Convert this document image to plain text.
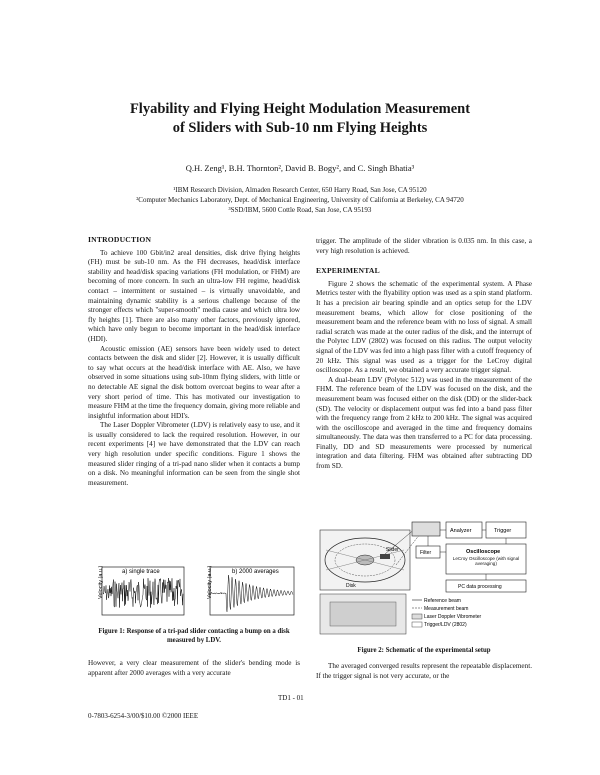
Flyability and Flying Height Modulation Measurement
of Sliders with Sub-10 nm Flying Heights
Q.H. Zeng¹, B.H. Thornton², David B. Bogy², and C. Singh Bhatia³
¹IBM Research Division, Almaden Research Center, 650 Harry Road, San Jose, CA 95120
²Computer Mechanics Laboratory, Dept. of Mechanical Engineering, University of California at Berkeley, CA 94720
³SSD/IBM, 5600 Cottle Road, San Jose, CA 95193
INTRODUCTION

To achieve 100 Gbit/in2 areal densities, disk drive flying heights (FH) must be sub-10 nm. As the FH decreases, head/disk interface stability and head/disk spacing variations (FH modulation, or FHM) are becoming of more concern. In such an ultra-low FH regime, head/disk contact – intermittent or sustained – is virtually unavoidable, and maintaining dynamic stability is a serious challenge because of the stronger effects which "super-smooth" media cause and which ultra low fly heights [1]. There are also many other factors, previously ignored, which have only begun to become important in the head/disk interface (HDI).

Acoustic emission (AE) sensors have been widely used to detect contacts between the disk and slider [2]. However, it is usually difficult to say what occurs at the head/disk interface with AE. Also, we have observed in some situations using sub-10nm flying sliders, with little or no detectable AE signal the disk bottom overcoat begins to wear after a very short period of time. This has motivated our investigation to measure FHM at the time the frequency domain, giving more reliable and insightful information about HDI's.

The Laser Doppler Vibrometer (LDV) is relatively easy to use, and it is usually considered to lack the required resolution. However, in our recent experiments [4] we have demonstrated that the LDV can reach very high resolution under specific conditions. Figure 1 shows the measured slider ringing of a tri-pad nano slider when it contacts a bump on a disk. No meaningful information can be seen from the single shot measurement.

Velocity (a.u.)	a) single trace	Velocity (a.u.)	b) 2000 averages
Figure 1: Response of a tri-pad slider contacting a bump on a disk measured by LDV.

However, a very clear measurement of the slider's bending mode is apparent after 2000 averages with a very accurate

trigger. The amplitude of the slider vibration is 0.035 nm. In this case, a very high resolution is achieved.

EXPERIMENTAL

Figure 2 shows the schematic of the experimental system. A Phase Metrics tester with the flyability option was used as a spin stand platform. It has a precision air bearing spindle and an optics setup for the LDV measurement beams, which allow for close positioning of the measurement beam and the reference beam with no loss of signal. A small radial scratch was made at the outer radius of the disk, and the interrupt of the Polytec LDV (2802) was focused on this radius. The output velocity signal of the LDV was fed into a high pass filter with a cutoff frequency of 20 kHz. This signal was used as a trigger for the LeCroy digital oscilloscope. As a result, we obtained a very accurate trigger signal.

A dual-beam LDV (Polytec 512) was used in the measurement of the FHM. The reference beam of the LDV was focused on the disk, and the measurement beam was focused either on the disk (DD) or the slider-back (SD). The velocity or displacement output was fed into a band pass filter with the frequency range from 2 kHz to 200 kHz. The signal was acquired with the oscilloscope and averaged in the time and frequency domains simultaneously. The data was then transferred to a PC for data processing. Finally, DD and SD measurements were processed by numerical integration and data filtering. FHM was obtained after subtracting DD from SD.

Disk
Slider
Analyzer	Trigger
Oscilloscope
LeCroy Oscilloscope (with signal averaging)
PC data processing
Filter
Reference beam
Measurement beam
Laser Doppler Vibrometer
Trigger/LDV (2802)
Figure 2: Schematic of the experimental setup

The averaged converged results represent the repeatable displacement. If the trigger signal is not very accurate, or the

TD1 - 01
0-7803-6254-3/00/$10.00 ©2000 IEEE
